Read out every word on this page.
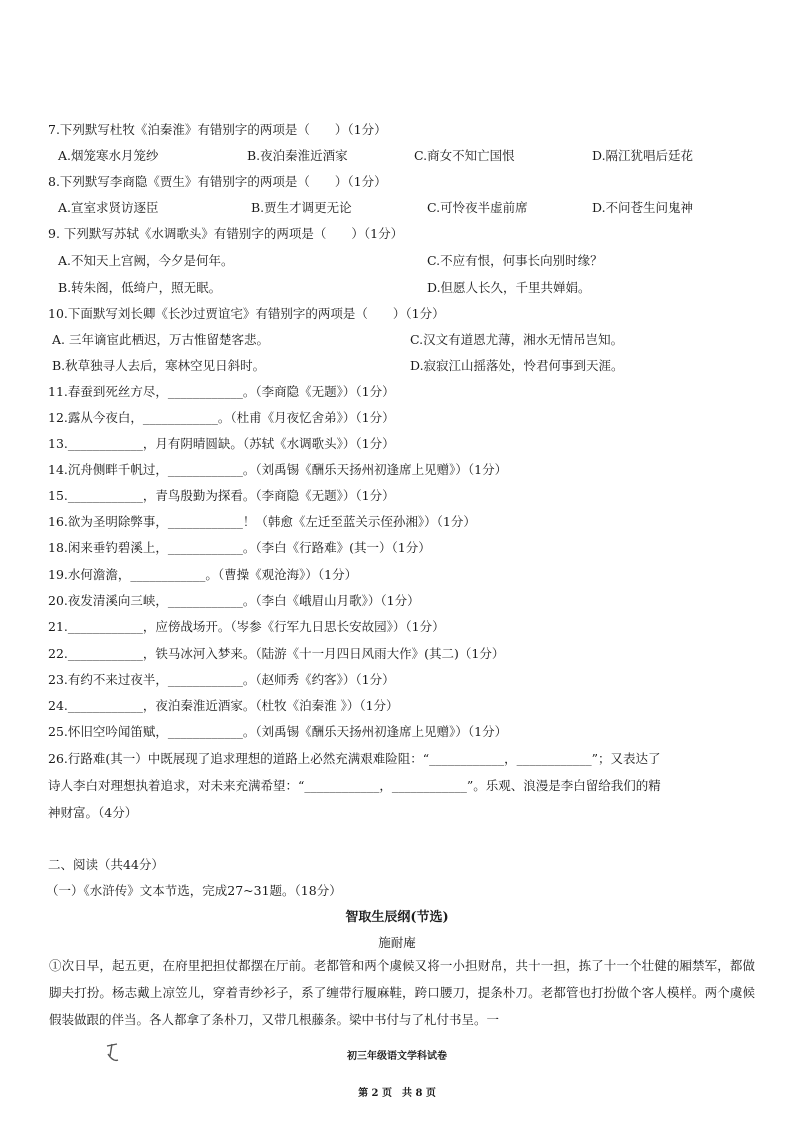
7.下列默写杜牧《泊秦淮》有错别字的两项是（　　）（1分）
A.烟笼寒水月笼纱	B.夜泊秦淮近酒家	C.商女不知亡国恨	D.隔江犹唱后廷花
8.下列默写李商隐《贾生》有错别字的两项是（　　）（1分）
A.宣室求贤访逐臣	B.贾生才调更无论	C.可怜夜半虚前席	D.不问苍生问鬼神
9. 下列默写苏轼《水调歌头》有错别字的两项是（　　）（1分）
A.不知天上宫阙，今夕是何年。
B.转朱阁，低绮户，照无眠。
C.不应有恨，何事长向别时缘？
D.但愿人长久，千里共婵娟。
10.下面默写刘长卿《长沙过贾谊宅》有错别字的两项是（　　）（1分）
A. 三年谪宦此栖迟，万古惟留楚客悲。
B.秋草独寻人去后，寒林空见日斜时。
C.汉文有道恩尤薄，湘水无情吊岂知。
D.寂寂江山摇落处，怜君何事到天涯。
11.春蚕到死丝方尽，____________。（李商隐《无题》）（1分）
12.露从今夜白，____________。（杜甫《月夜忆舍弟》）（1分）
13.____________，月有阴晴圆缺。（苏轼《水调歌头》）（1分）
14.沉舟侧畔千帆过，____________。（刘禹锡《酬乐天扬州初逢席上见赠》）（1分）
15.____________，青鸟殷勤为探看。（李商隐《无题》）（1分）
16.欲为圣明除弊事，____________！（韩愈《左迁至蓝关示侄孙湘》）（1分）
18.闲来垂钓碧溪上，____________。（李白《行路难》(其一）（1分）
19.水何澹澹，____________。（曹操《观沧海》）（1分）
20.夜发清溪向三峡，____________。（李白《峨眉山月歌》）（1分）
21.____________，应傍战场开。（岑参《行军九日思长安故园》）（1分）
22.____________，铁马冰河入梦来。（陆游《十一月四日风雨大作》(其二)（1分）
23.有约不来过夜半，____________。（赵师秀《约客》）（1分）
24.____________，夜泊秦淮近酒家。（杜牧《泊秦淮 》）（1分）
25.怀旧空吟闻笛赋，____________。（刘禹锡《酬乐天扬州初逢席上见赠》）（1分）
26.行路难(其一）中既展现了追求理想的道路上必然充满艰难险阻：“____________，____________”；又表达了
诗人李白对理想执着追求，对未来充满希望：“____________，____________”。乐观、浪漫是李白留给我们的精
神财富。（4分）
二、阅读（共44分）
（一）《水浒传》文本节选，完成27~31题。（18分）
智取生辰纲(节选)
施耐庵
①次日早，起五更，在府里把担仗都摆在厅前。老都管和两个虞候又将一小担财帛，共十一担，拣了十一个壮健的厢禁军，都做脚夫打扮。杨志戴上凉笠儿，穿着青纱衫子，系了缠带行履麻鞋，跨口腰刀，提条朴刀。老都管也打扮做个客人模样。两个虞候假装做跟的伴当。各人都拿了条朴刀，又带几根藤条。梁中书付与了札付书呈。一
初三年级语文学科试卷
第 2 页　共 8 页
